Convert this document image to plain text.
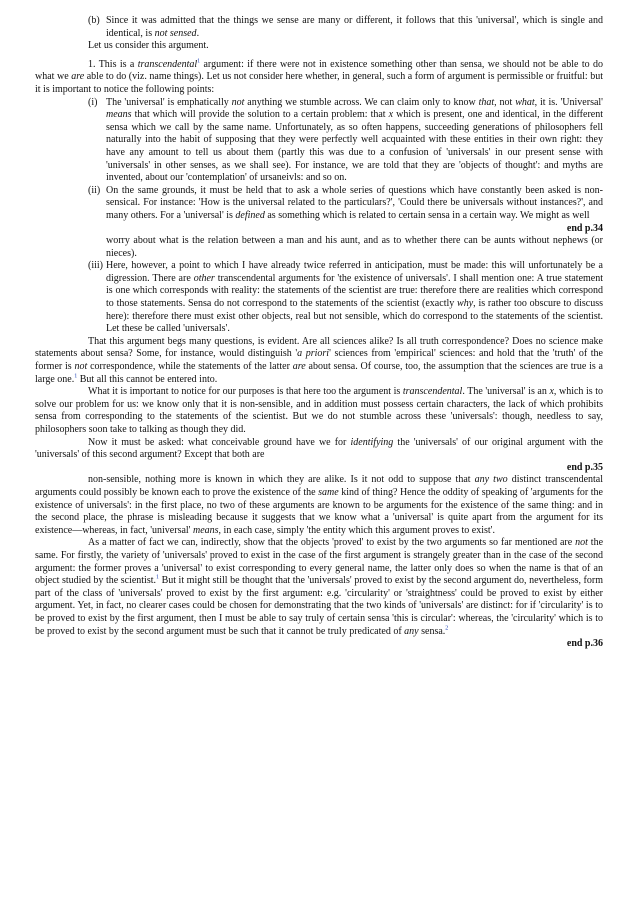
(b) Since it was admitted that the things we sense are many or different, it follows that this 'universal', which is single and identical, is not sensed.

Let us consider this argument.

1. This is a transcendental$^1$ argument: if there were not in existence something other than sensa, we should not be able to do what we are able to do (viz. name things). Let us not consider here whether, in general, such a form of argument is permissible or fruitful: but it is important to notice the following points:

(i) The 'universal' is emphatically not anything we stumble across. We can claim only to know that, not what, it is. 'Universal' means that which will provide the solution to a certain problem: that x which is present, one and identical, in the different sensa which we call by the same name. Unfortunately, as so often happens, succeeding generations of philosophers fell naturally into the habit of supposing that they were perfectly well acquainted with these entities in their own right: they have any amount to tell us about them (partly this was due to a confusion of 'universals' in our present sense with 'universals' in other senses, as we shall see). For instance, we are told that they are 'objects of thought': and myths are invented, about our 'contemplation' of ursaneivls: and so on.

(ii) On the same grounds, it must be held that to ask a whole series of questions which have constantly been asked is non-sensical. For instance: 'How is the universal related to the particulars?', 'Could there be universals without instances?', and many others. For a 'universal' is defined as something which is related to certain sensa in a certain way. We might as well

end p.34

worry about what is the relation between a man and his aunt, and as to whether there can be aunts without nephews (or nieces).

(iii) Here, however, a point to which I have already twice referred in anticipation, must be made: this will unfortunately be a digression. There are other transcendental arguments for 'the existence of universals'. I shall mention one: A true statement is one which corresponds with reality: the statements of the scientist are true: therefore there are realities which correspond to those statements. Sensa do not correspond to the statements of the scientist (exactly why, is rather too obscure to discuss here): therefore there must exist other objects, real but not sensible, which do correspond to the statements of the scientist. Let these be called 'universals'.

That this argument begs many questions, is evident. Are all sciences alike? Is all truth correspondence? Does no science make statements about sensa? Some, for instance, would distinguish 'a priori' sciences from 'empirical' sciences: and hold that the 'truth' of the former is not correspondence, while the statements of the latter are about sensa. Of course, too, the assumption that the sciences are true is a large one.$^1$ But all this cannot be entered into.

What it is important to notice for our purposes is that here too the argument is transcendental. The 'universal' is an x, which is to solve our problem for us: we know only that it is non-sensible, and in addition must possess certain characters, the lack of which prohibits sensa from corresponding to the statements of the scientist. But we do not stumble across these 'universals': though, needless to say, philosophers soon take to talking as though they did.

Now it must be asked: what conceivable ground have we for identifying the 'universals' of our original argument with the 'universals' of this second argument? Except that both are

end p.35

non-sensible, nothing more is known in which they are alike. Is it not odd to suppose that any two distinct transcendental arguments could possibly be known each to prove the existence of the same kind of thing? Hence the oddity of speaking of 'arguments for the existence of universals': in the first place, no two of these arguments are known to be arguments for the existence of the same thing: and in the second place, the phrase is misleading because it suggests that we know what a 'universal' is quite apart from the argument for its existence—whereas, in fact, 'universal' means, in each case, simply 'the entity which this argument proves to exist'.

As a matter of fact we can, indirectly, show that the objects 'proved' to exist by the two arguments so far mentioned are not the same. For firstly, the variety of 'universals' proved to exist in the case of the first argument is strangely greater than in the case of the second argument: the former proves a 'universal' to exist corresponding to every general name, the latter only does so when the name is that of an object studied by the scientist.$^1$ But it might still be thought that the 'universals' proved to exist by the second argument do, nevertheless, form part of the class of 'universals' proved to exist by the first argument: e.g. 'circularity' or 'straightness' could be proved to exist by either argument. Yet, in fact, no clearer cases could be chosen for demonstrating that the two kinds of 'universals' are distinct: for if 'circularity' is to be proved to exist by the first argument, then I must be able to say truly of certain sensa 'this is circular': whereas, the 'circularity' which is to be proved to exist by the second argument must be such that it cannot be truly predicated of any sensa.$^2$

end p.36
